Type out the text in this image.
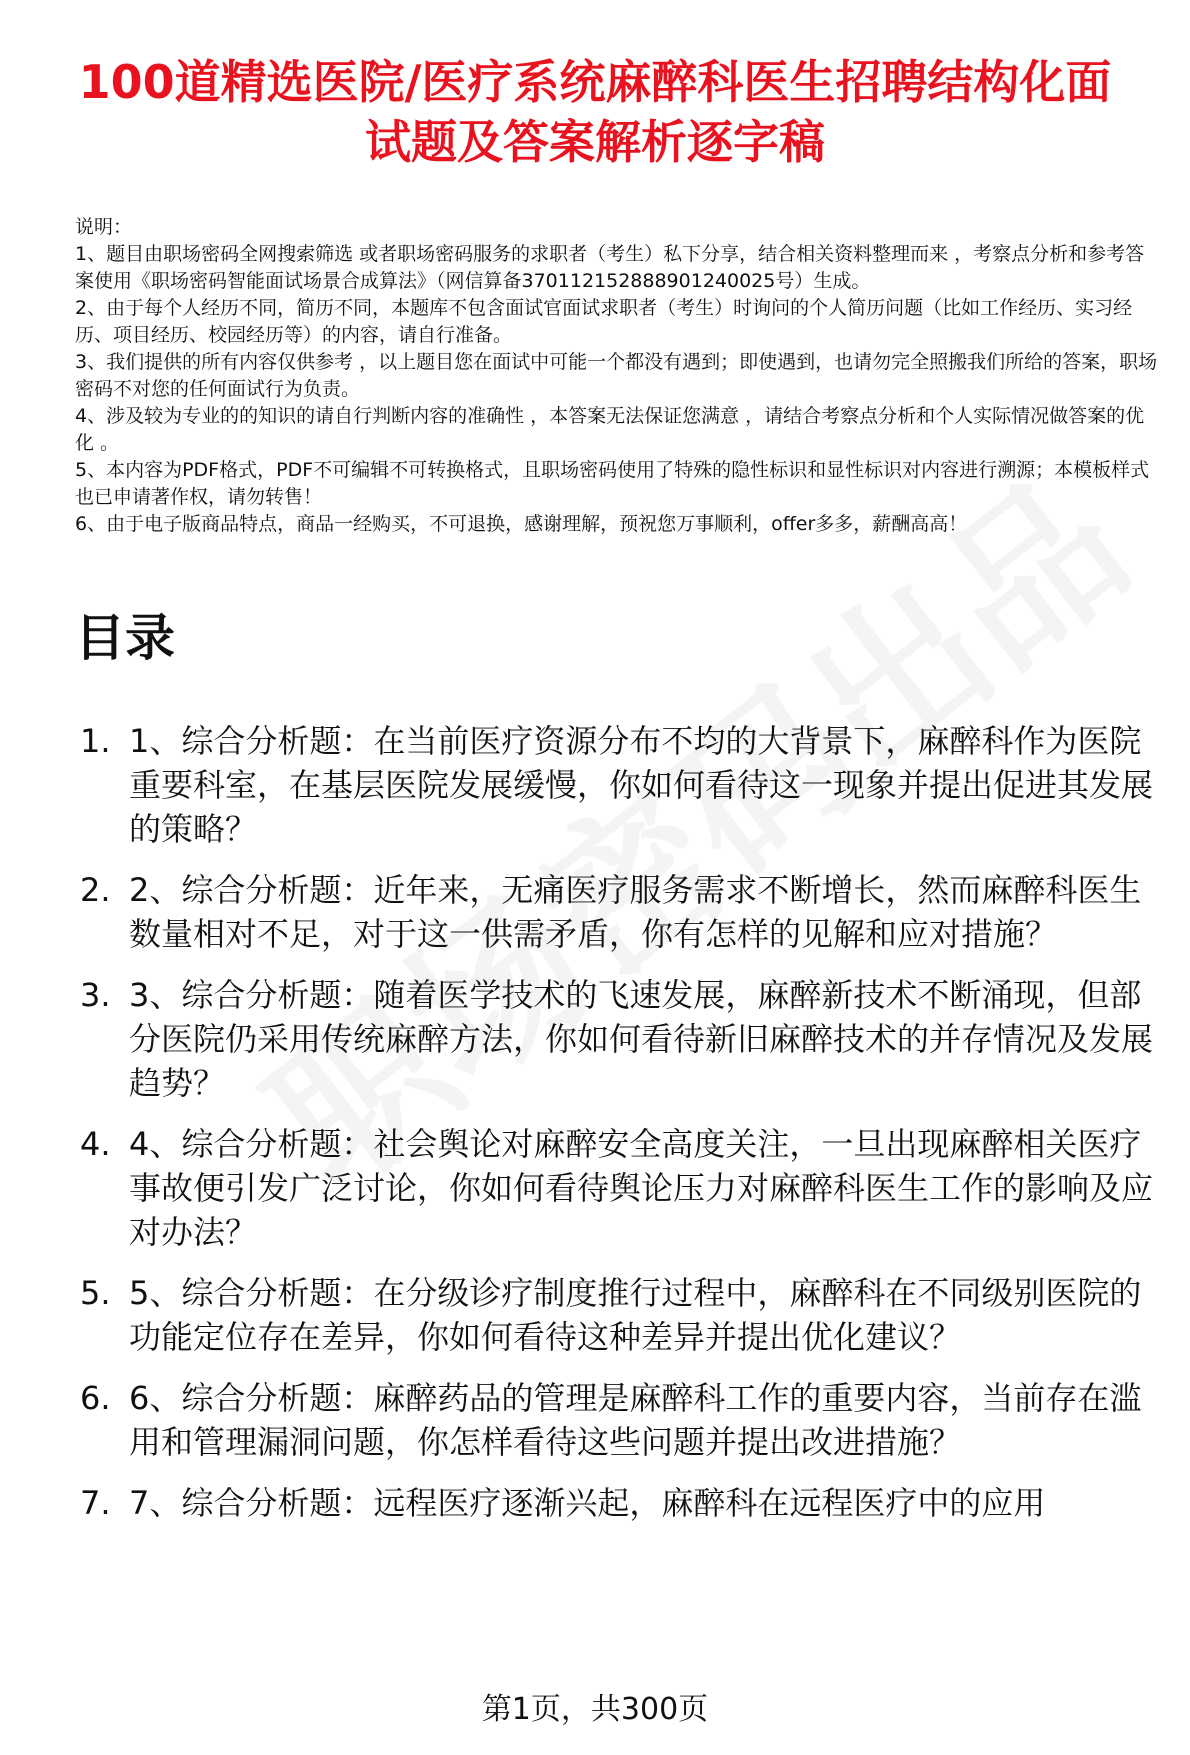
100道精选医院/医疗系统麻醉科医生招聘结构化面试题及答案解析逐字稿
说明：
1、题目由职场密码全网搜索筛选 或者职场密码服务的求职者（考生）私下分享，结合相关资料整理而来 ，考察点分析和参考答案使用《职场密码智能面试场景合成算法》（网信算备370112152888901240025号）生成。
2、由于每个人经历不同，简历不同，本题库不包含面试官面试求职者（考生）时询问的个人简历问题（比如工作经历、实习经历、项目经历、校园经历等）的内容，请自行准备。
3、我们提供的所有内容仅供参考 ，以上题目您在面试中可能一个都没有遇到；即使遇到，也请勿完全照搬我们所给的答案，职场密码不对您的任何面试行为负责。
4、涉及较为专业的的知识的请自行判断内容的准确性 ，本答案无法保证您满意 ，请结合考察点分析和个人实际情况做答案的优化 。
5、本内容为PDF格式，PDF不可编辑不可转换格式，且职场密码使用了特殊的隐性标识和显性标识对内容进行溯源；本模板样式也已申请著作权，请勿转售！
6、由于电子版商品特点，商品一经购买，不可退换，感谢理解，预祝您万事顺利，offer多多，薪酬高高！
目录
1. 1、综合分析题：在当前医疗资源分布不均的大背景下，麻醉科作为医院重要科室，在基层医院发展缓慢，你如何看待这一现象并提出促进其发展的策略？
2. 2、综合分析题：近年来，无痛医疗服务需求不断增长，然而麻醉科医生数量相对不足，对于这一供需矛盾，你有怎样的见解和应对措施？
3. 3、综合分析题：随着医学技术的飞速发展，麻醉新技术不断涌现，但部分医院仍采用传统麻醉方法，你如何看待新旧麻醉技术的并存情况及发展趋势？
4. 4、综合分析题：社会舆论对麻醉安全高度关注，一旦出现麻醉相关医疗事故便引发广泛讨论，你如何看待舆论压力对麻醉科医生工作的影响及应对办法？
5. 5、综合分析题：在分级诊疗制度推行过程中，麻醉科在不同级别医院的功能定位存在差异，你如何看待这种差异并提出优化建议？
6. 6、综合分析题：麻醉药品的管理是麻醉科工作的重要内容，当前存在滥用和管理漏洞问题，你怎样看待这些问题并提出改进措施？
7. 7、综合分析题：远程医疗逐渐兴起，麻醉科在远程医疗中的应用
第1页，共300页
